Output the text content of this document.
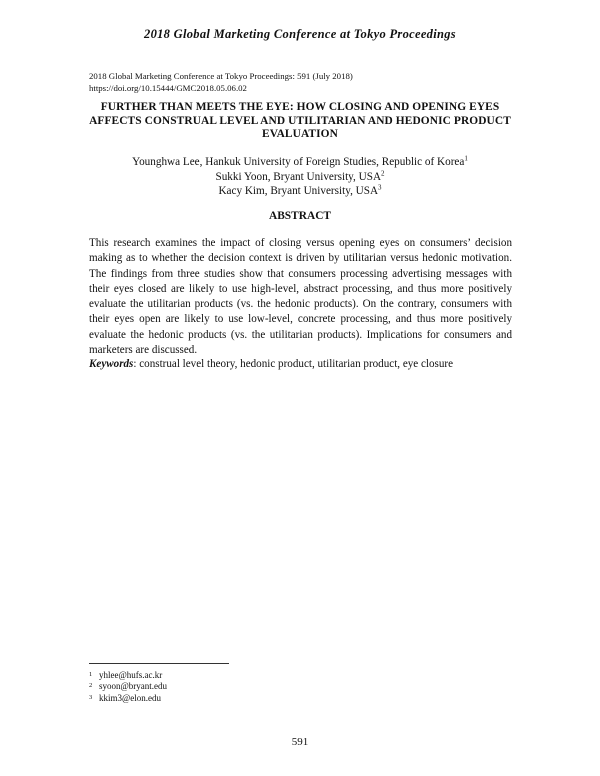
2018 Global Marketing Conference at Tokyo Proceedings
2018 Global Marketing Conference at Tokyo Proceedings: 591 (July 2018)
https://doi.org/10.15444/GMC2018.05.06.02
FURTHER THAN MEETS THE EYE: HOW CLOSING AND OPENING EYES AFFECTS CONSTRUAL LEVEL AND UTILITARIAN AND HEDONIC PRODUCT EVALUATION
Younghwa Lee, Hankuk University of Foreign Studies, Republic of Korea$^1$
Sukki Yoon, Bryant University, USA$^2$
Kacy Kim, Bryant University, USA$^3$
ABSTRACT
This research examines the impact of closing versus opening eyes on consumers’ decision making as to whether the decision context is driven by utilitarian versus hedonic motivation. The findings from three studies show that consumers processing advertising messages with their eyes closed are likely to use high-level, abstract processing, and thus more positively evaluate the utilitarian products (vs. the hedonic products). On the contrary, consumers with their eyes open are likely to use low-level, concrete processing, and thus more positively evaluate the hedonic products (vs. the utilitarian products). Implications for consumers and marketers are discussed.
Keywords: construal level theory, hedonic product, utilitarian product, eye closure
1 yhlee@hufs.ac.kr
2 syoon@bryant.edu
3 kkim3@elon.edu
591
